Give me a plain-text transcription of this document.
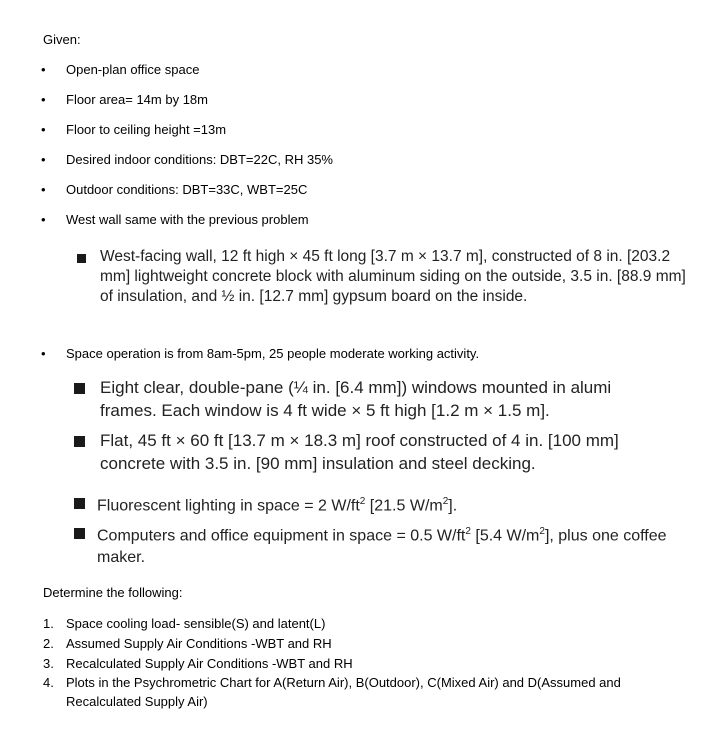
Given:
• Open-plan office space
• Floor area= 14m by 18m
• Floor to ceiling height =13m
• Desired indoor conditions: DBT=22C, RH 35%
• Outdoor conditions: DBT=33C, WBT=25C
• West wall same with the previous problem
West-facing wall, 12 ft high × 45 ft long [3.7 m × 13.7 m], constructed of 8 in. [203.2 mm] lightweight concrete block with aluminum siding on the outside, 3.5 in. [88.9 mm] of insulation, and ½ in. [12.7 mm] gypsum board on the inside.
• Space operation is from 8am-5pm, 25 people moderate working activity.
Eight clear, double-pane (¼ in. [6.4 mm]) windows mounted in alumi
frames. Each window is 4 ft wide × 5 ft high [1.2 m × 1.5 m].
Flat, 45 ft × 60 ft [13.7 m × 18.3 m] roof constructed of 4 in. [100 mm]
concrete with 3.5 in. [90 mm] insulation and steel decking.
Fluorescent lighting in space = 2 $W/ft^2$ [21.5 $W/m^2$].
Computers and office equipment in space = 0.5 $W/ft^2$ [5.4 $W/m^2$], plus one coffee maker.
Determine the following:
1. Space cooling load- sensible(S) and latent(L)
2. Assumed Supply Air Conditions -WBT and RH
3. Recalculated Supply Air Conditions -WBT and RH
4. Plots in the Psychrometric Chart for A(Return Air), B(Outdoor), C(Mixed Air) and D(Assumed and Recalculated Supply Air)
